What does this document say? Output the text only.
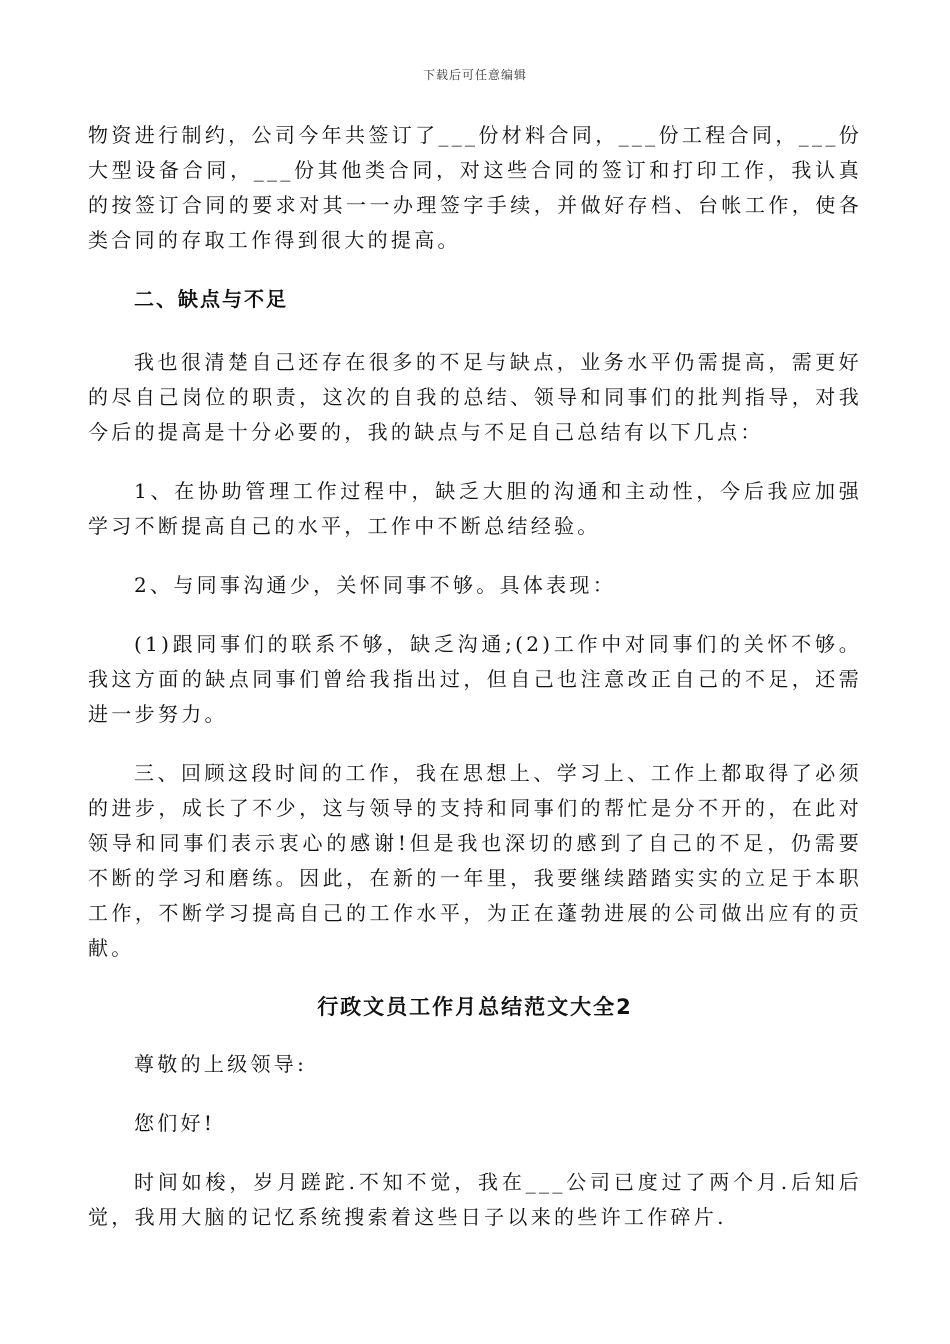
下载后可任意编辑

物资进行制约，公司今年共签订了___份材料合同，___份工程合同，___份大型设备合同，___份其他类合同，对这些合同的签订和打印工作，我认真的按签订合同的要求对其一一办理签字手续，并做好存档、台帐工作，使各类合同的存取工作得到很大的提高。

二、缺点与不足

我也很清楚自己还存在很多的不足与缺点，业务水平仍需提高，需更好的尽自己岗位的职责，这次的自我的总结、领导和同事们的批判指导，对我今后的提高是十分必要的，我的缺点与不足自己总结有以下几点：

1、在协助管理工作过程中，缺乏大胆的沟通和主动性，今后我应加强学习不断提高自己的水平，工作中不断总结经验。

2、与同事沟通少，关怀同事不够。具体表现：

(1)跟同事们的联系不够，缺乏沟通;(2)工作中对同事们的关怀不够。我这方面的缺点同事们曾给我指出过，但自己也注意改正自己的不足，还需进一步努力。

三、回顾这段时间的工作，我在思想上、学习上、工作上都取得了必须的进步，成长了不少，这与领导的支持和同事们的帮忙是分不开的，在此对领导和同事们表示衷心的感谢!但是我也深切的感到了自己的不足，仍需要不断的学习和磨练。因此，在新的一年里，我要继续踏踏实实的立足于本职工作，不断学习提高自己的工作水平，为正在蓬勃进展的公司做出应有的贡献。

行政文员工作月总结范文大全2

尊敬的上级领导:

您们好!

时间如梭，岁月蹉跎.不知不觉，我在___公司已度过了两个月.后知后觉，我用大脑的记忆系统搜索着这些日子以来的些许工作碎片.
